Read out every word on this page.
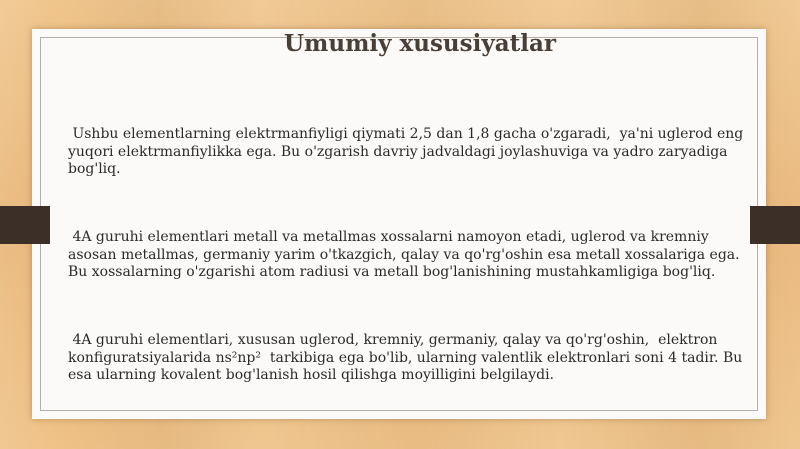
Umumiy xususiyatlar

Ushbu elementlarning elektrmanfiyligi qiymati 2,5 dan 1,8 gacha o'zgaradi,  ya'ni uglerod eng yuqori elektrmanfiylikka ega. Bu o'zgarish davriy jadvaldagi joylashuviga va yadro zaryadiga bog'liq.

4A guruhi elementlari metall va metallmas xossalarni namoyon etadi, uglerod va kremniy asosan metallmas, germaniy yarim o'tkazgich, qalay va qo'rg'oshin esa metall xossalariga ega. Bu xossalarning o'zgarishi atom radiusi va metall bog'lanishining mustahkamligiga bog'liq.

4A guruhi elementlari, xususan uglerod, kremniy, germaniy, qalay va qo'rg'oshin,  elektron konfiguratsiyalarida ns²np²  tarkibiga ega bo'lib, ularning valentlik elektronlari soni 4 tadir. Bu esa ularning kovalent bog'lanish hosil qilishga moyilligini belgilaydi.
